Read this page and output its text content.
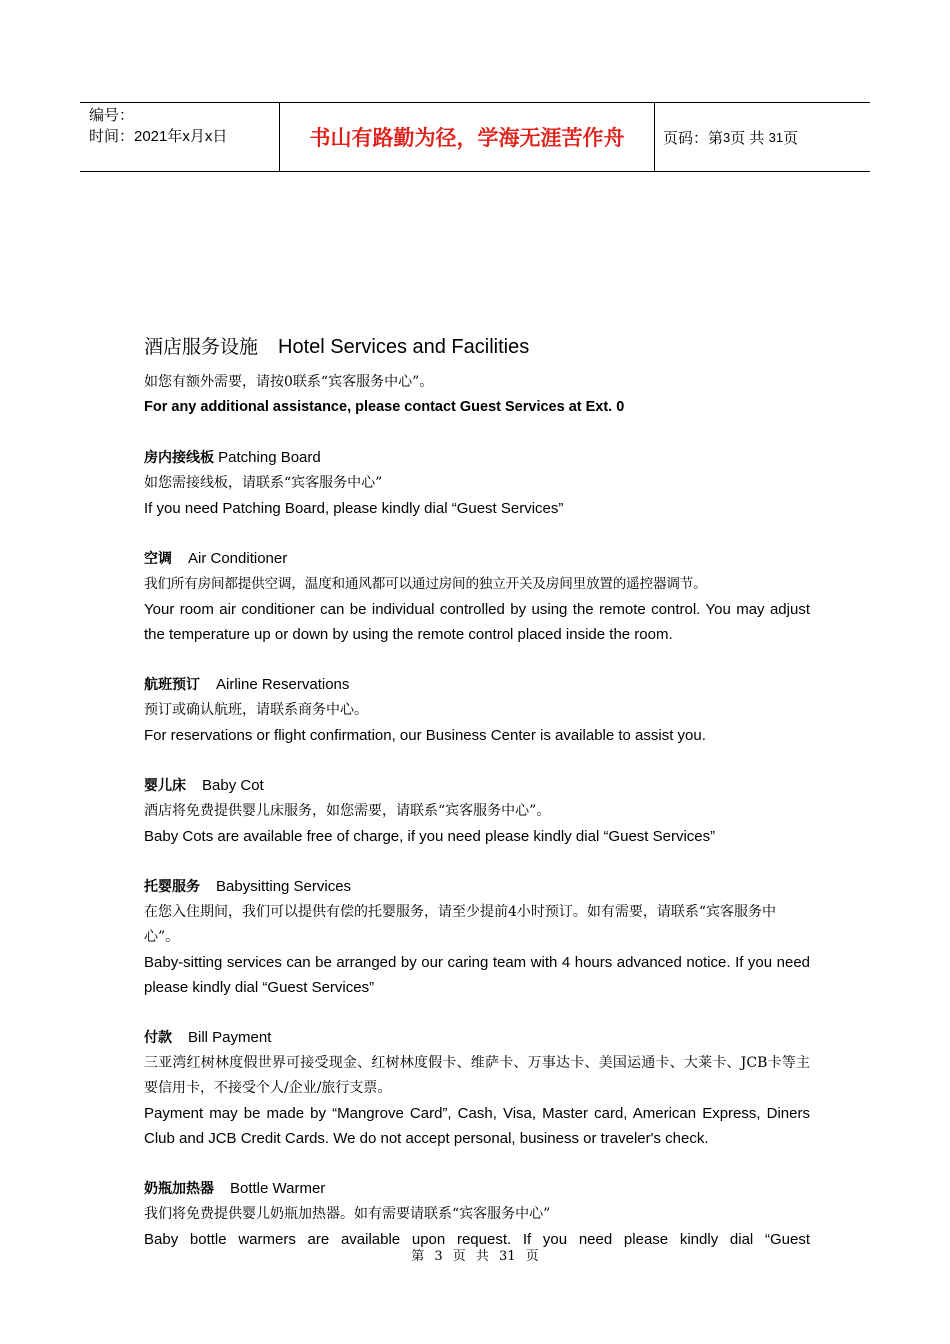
编号：
时间：2021年x月x日	书山有路勤为径，学海无涯苦作舟	页码：第 3 页 共
31 页
酒店服务设施 Hotel Services and Facilities

如您有额外需要，请按0联系“宾客服务中心”。

For any additional assistance, please contact Guest Services at Ext. 0

房内接线板 Patching Board

如您需接线板，请联系“宾客服务中心”

If you need Patching Board, please kindly dial “Guest Services”

空调 Air Conditioner

我们所有房间都提供空调，温度和通风都可以通过房间的独立开关及房间里放置的遥控器调节。

Your room air conditioner can be individual controlled by using the remote control. You may adjust the temperature up or down by using the remote control placed inside the room.

航班预订 Airline Reservations

预订或确认航班，请联系商务中心。

For reservations or flight confirmation, our Business Center is available to assist you.

婴儿床 Baby Cot

酒店将免费提供婴儿床服务，如您需要，请联系“宾客服务中心”。

Baby Cots are available free of charge, if you need please kindly dial “Guest Services”

托婴服务 Babysitting Services

在您入住期间，我们可以提供有偿的托婴服务，请至少提前4小时预订。如有需要，请联系“宾客服务中心”。

Baby-sitting services can be arranged by our caring team with 4 hours advanced notice. If you need please kindly dial “Guest Services”

付款 Bill Payment

三亚湾红树林度假世界可接受现金、红树林度假卡、维萨卡、万事达卡、美国运通卡、大莱卡、JCB卡等主要信用卡，不接受个人/企业/旅行支票。

Payment may be made by “Mangrove Card”, Cash, Visa, Master card, American Express, Diners Club and JCB Credit Cards. We do not accept personal, business or traveler's check.

奶瓶加热器 Bottle Warmer

我们将免费提供婴儿奶瓶加热器。如有需要请联系“宾客服务中心”

Baby bottle warmers are available upon request. If you need please kindly dial “Guest

第 3 页 共 31 页
